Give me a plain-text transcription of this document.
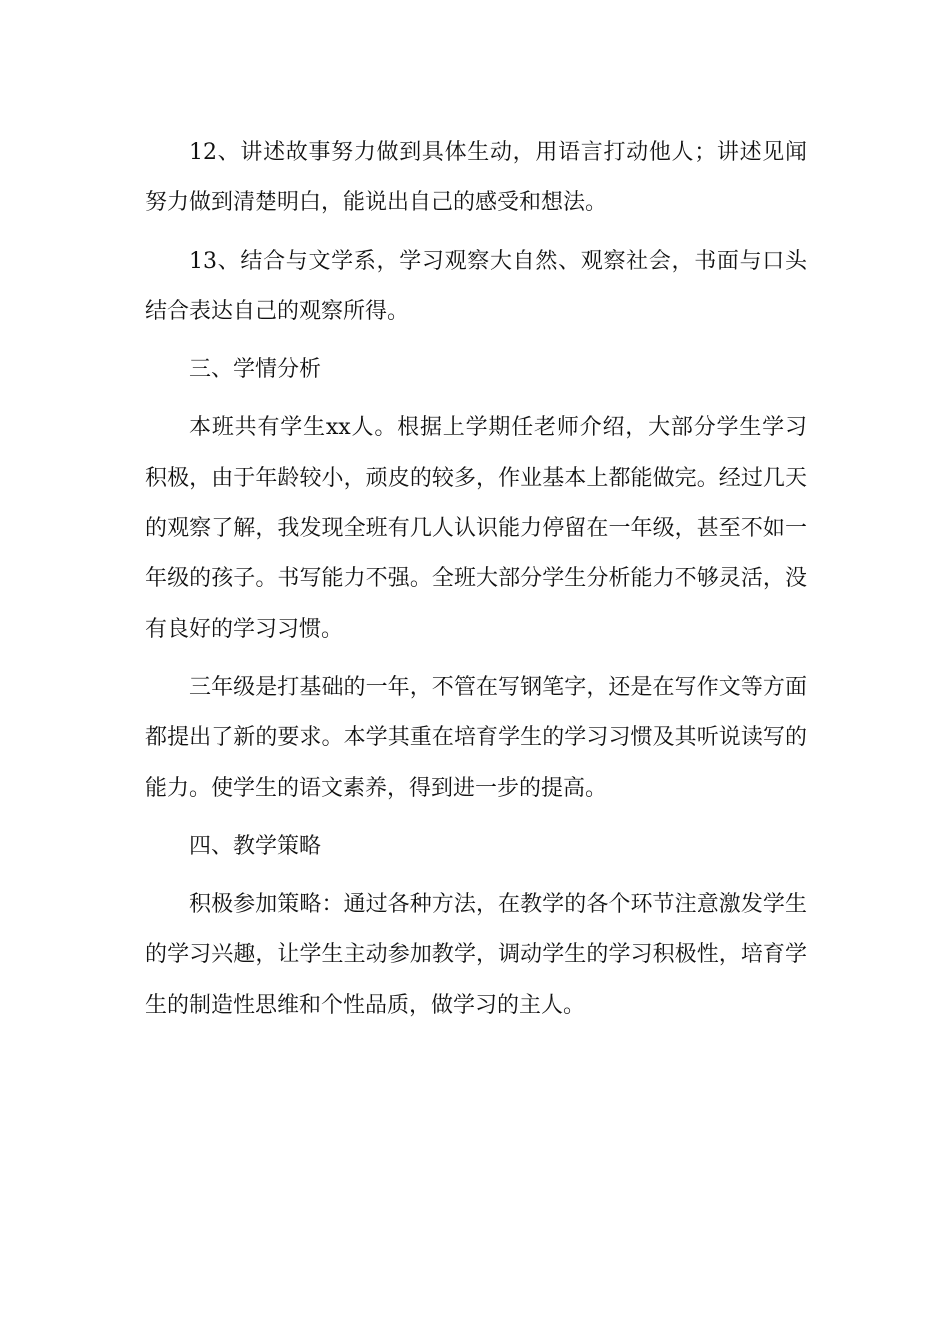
12、讲述故事努力做到具体生动，用语言打动他人；讲述见闻努力做到清楚明白，能说出自己的感受和想法。

13、结合与文学系，学习观察大自然、观察社会，书面与口头结合表达自己的观察所得。

三、学情分析

本班共有学生xx人。根据上学期任老师介绍，大部分学生学习积极，由于年龄较小，顽皮的较多，作业基本上都能做完。经过几天的观察了解，我发现全班有几人认识能力停留在一年级，甚至不如一年级的孩子。书写能力不强。全班大部分学生分析能力不够灵活，没有良好的学习习惯。

三年级是打基础的一年，不管在写钢笔字，还是在写作文等方面都提出了新的要求。本学其重在培育学生的学习习惯及其听说读写的能力。使学生的语文素养，得到进一步的提高。

四、教学策略

积极参加策略：通过各种方法，在教学的各个环节注意激发学生的学习兴趣，让学生主动参加教学，调动学生的学习积极性，培育学生的制造性思维和个性品质，做学习的主人。
